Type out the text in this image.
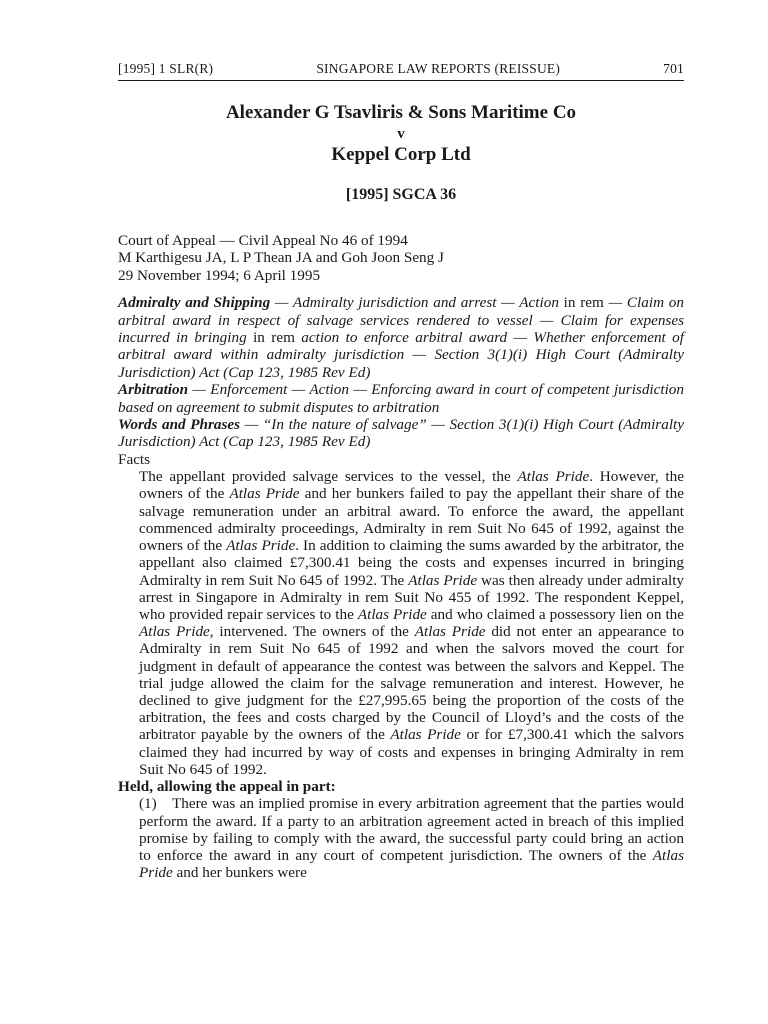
[1995] 1 SLR(R)	SINGAPORE LAW REPORTS (REISSUE)	701
Alexander G Tsavliris & Sons Maritime Co
v
Keppel Corp Ltd
[1995] SGCA 36

Court of Appeal — Civil Appeal No 46 of 1994

M Karthigesu JA, L P Thean JA and Goh Joon Seng J

29 November 1994; 6 April 1995

Admiralty and Shipping — Admiralty jurisdiction and arrest — Action in rem — Claim on arbitral award in respect of salvage services rendered to vessel — Claim for expenses incurred in bringing in rem action to enforce arbitral award — Whether enforcement of arbitral award within admiralty jurisdiction — Section 3(1)(i) High Court (Admiralty Jurisdiction) Act (Cap 123, 1985 Rev Ed)

Arbitration — Enforcement — Action — Enforcing award in court of competent jurisdiction based on agreement to submit disputes to arbitration

Words and Phrases — “In the nature of salvage” — Section 3(1)(i) High Court (Admiralty Jurisdiction) Act (Cap 123, 1985 Rev Ed)

Facts

The appellant provided salvage services to the vessel, the Atlas Pride. However, the owners of the Atlas Pride and her bunkers failed to pay the appellant their share of the salvage remuneration under an arbitral award. To enforce the award, the appellant commenced admiralty proceedings, Admiralty in rem Suit No 645 of 1992, against the owners of the Atlas Pride. In addition to claiming the sums awarded by the arbitrator, the appellant also claimed £7,300.41 being the costs and expenses incurred in bringing Admiralty in rem Suit No 645 of 1992. The Atlas Pride was then already under admiralty arrest in Singapore in Admiralty in rem Suit No 455 of 1992. The respondent Keppel, who provided repair services to the Atlas Pride and who claimed a possessory lien on the Atlas Pride, intervened. The owners of the Atlas Pride did not enter an appearance to Admiralty in rem Suit No 645 of 1992 and when the salvors moved the court for judgment in default of appearance the contest was between the salvors and Keppel. The trial judge allowed the claim for the salvage remuneration and interest. However, he declined to give judgment for the £27,995.65 being the proportion of the costs of the arbitration, the fees and costs charged by the Council of Lloyd’s and the costs of the arbitrator payable by the owners of the Atlas Pride or for £7,300.41 which the salvors claimed they had incurred by way of costs and expenses in bringing Admiralty in rem Suit No 645 of 1992.

Held, allowing the appeal in part:

(1) There was an implied promise in every arbitration agreement that the parties would perform the award. If a party to an arbitration agreement acted in breach of this implied promise by failing to comply with the award, the successful party could bring an action to enforce the award in any court of competent jurisdiction. The owners of the Atlas Pride and her bunkers were
